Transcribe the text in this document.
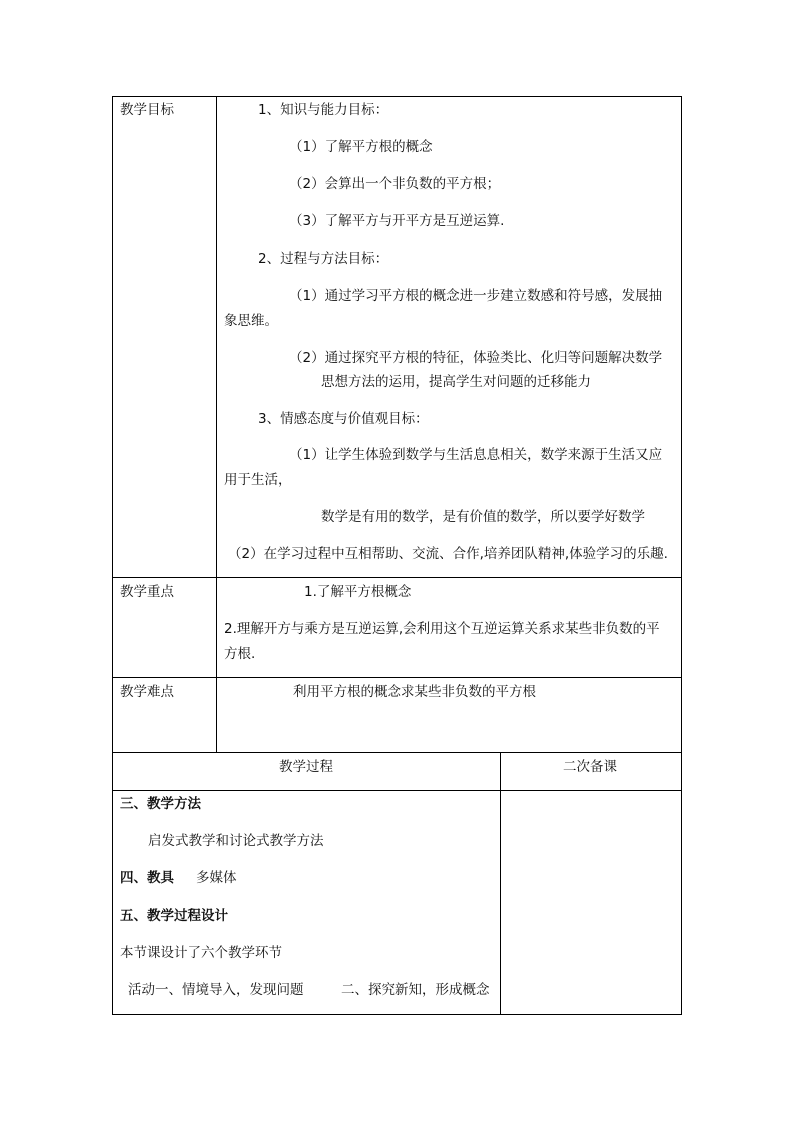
教学目标	1、知识与能力目标：
（1）了解平方根的概念
（2）会算出一个非负数的平方根；
（3）了解平方与开平方是互逆运算.
2、过程与方法目标：
（1）通过学习平方根的概念进一步建立数感和符号感，发展抽
象思维。
（2）通过探究平方根的特征，体验类比、化归等问题解决数学
思想方法的运用，提高学生对问题的迁移能力
3、情感态度与价值观目标：
（1）让学生体验到数学与生活息息相关，数学来源于生活又应
用于生活，
数学是有用的数学，是有价值的数学，所以要学好数学
（2）在学习过程中互相帮助、交流、合作,培养团队精神,体验学习的乐趣.
教学重点	1.了解平方根概念
2.理解开方与乘方是互逆运算,会利用这个互逆运算关系求某些非负数的平
方根.
教学难点	利用平方根的概念求某些非负数的平方根
教学过程	二次备课
三、教学方法
启发式教学和讨论式教学方法
四、教具 多媒体
五、教学过程设计
本节课设计了六个教学环节
活动一、情境导入，发现问题	二、探究新知，形成概念
